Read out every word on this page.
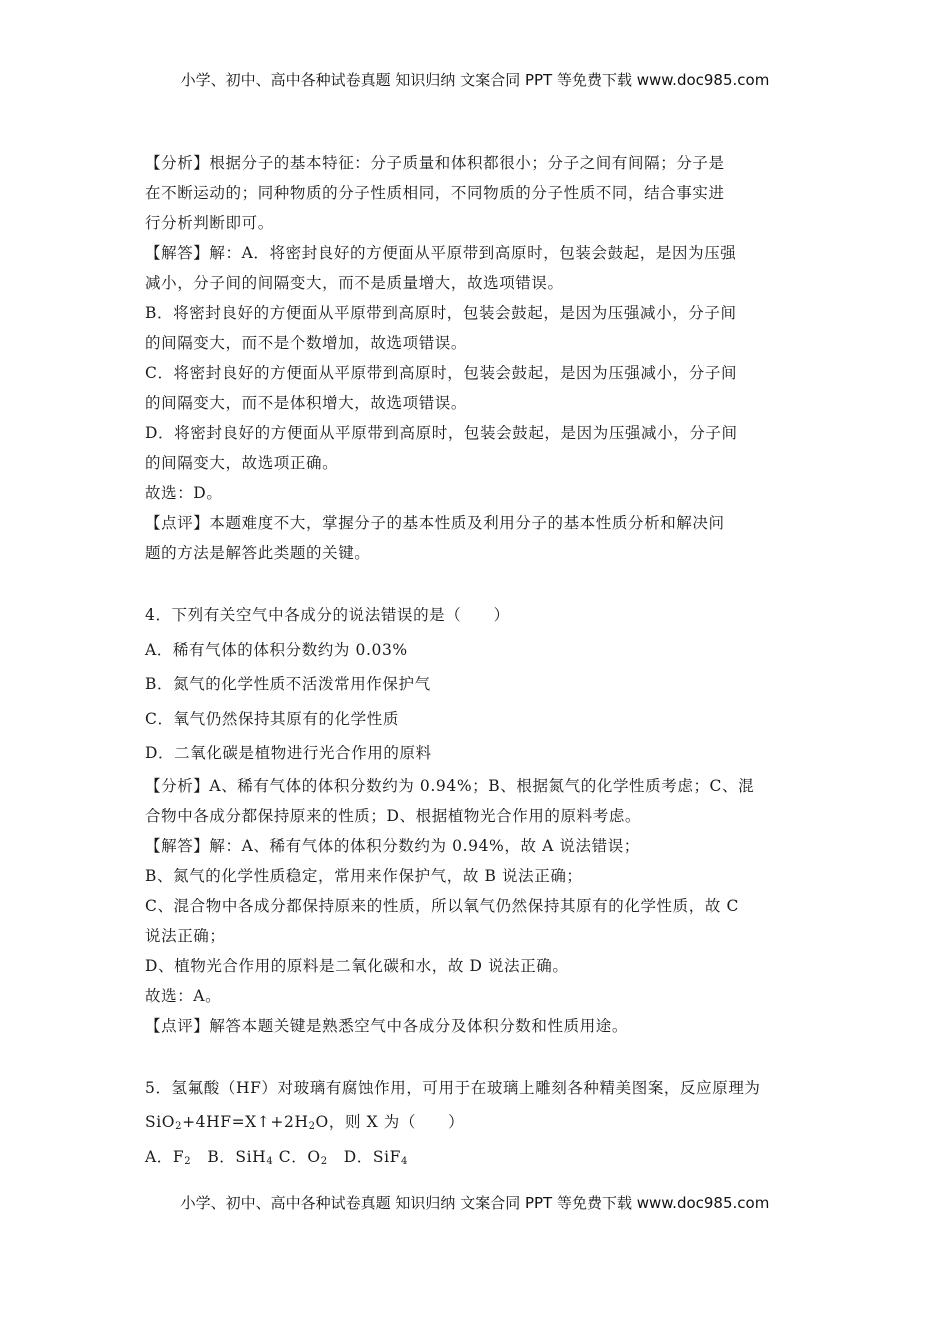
小学、初中、高中各种试卷真题 知识归纳 文案合同 PPT 等免费下载 www.doc985.com
【分析】根据分子的基本特征：分子质量和体积都很小；分子之间有间隔；分子是
在不断运动的；同种物质的分子性质相同，不同物质的分子性质不同，结合事实进
行分析判断即可。
【解答】解：A．将密封良好的方便面从平原带到高原时，包装会鼓起，是因为压强
减小，分子间的间隔变大，而不是质量增大，故选项错误。
B．将密封良好的方便面从平原带到高原时，包装会鼓起，是因为压强减小，分子间
的间隔变大，而不是个数增加，故选项错误。
C．将密封良好的方便面从平原带到高原时，包装会鼓起，是因为压强减小，分子间
的间隔变大，而不是体积增大，故选项错误。
D．将密封良好的方便面从平原带到高原时，包装会鼓起，是因为压强减小，分子间
的间隔变大，故选项正确。
故选：D。
【点评】本题难度不大，掌握分子的基本性质及利用分子的基本性质分析和解决问
题的方法是解答此类题的关键。
4．下列有关空气中各成分的说法错误的是（　　）
A．稀有气体的体积分数约为 0.03%
B．氮气的化学性质不活泼常用作保护气
C．氧气仍然保持其原有的化学性质
D．二氧化碳是植物进行光合作用的原料
【分析】A、稀有气体的体积分数约为 0.94%；B、根据氮气的化学性质考虑；C、混
合物中各成分都保持原来的性质；D、根据植物光合作用的原料考虑。
【解答】解：A、稀有气体的体积分数约为 0.94%，故 A 说法错误；
B、氮气的化学性质稳定，常用来作保护气，故 B 说法正确；
C、混合物中各成分都保持原来的性质，所以氧气仍然保持其原有的化学性质，故 C
说法正确；
D、植物光合作用的原料是二氧化碳和水，故 D 说法正确。
故选：A。
【点评】解答本题关键是熟悉空气中各成分及体积分数和性质用途。
5．氢氟酸（HF）对玻璃有腐蚀作用，可用于在玻璃上雕刻各种精美图案，反应原理为
$SiO_2+4HF=X↑+2H_2O$，则 X 为（　　）
A．$F_2$　B．SiH$_4$ C．$O_2$　D．SiF$_4$
小学、初中、高中各种试卷真题 知识归纳 文案合同 PPT 等免费下载 www.doc985.com
